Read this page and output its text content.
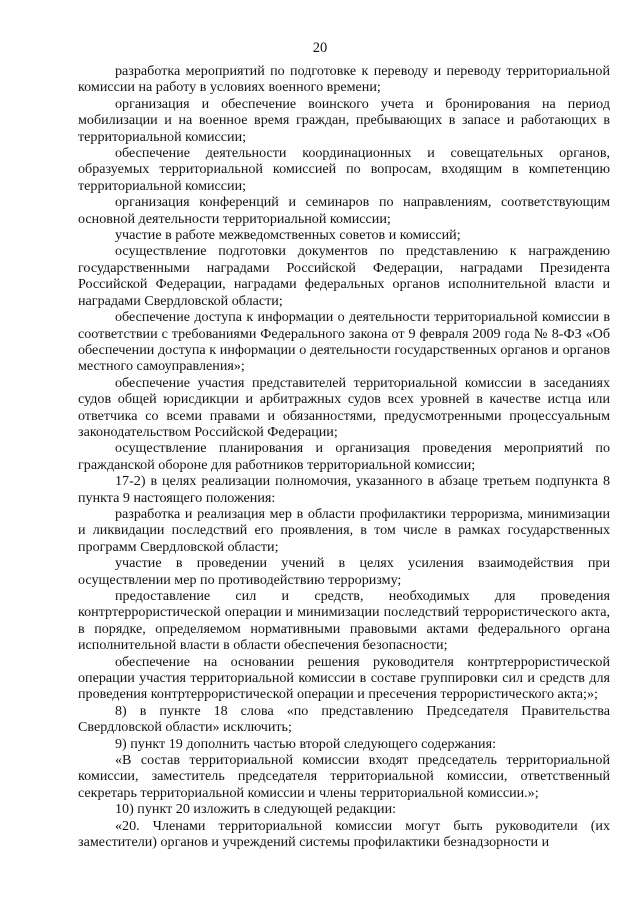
20

разработка мероприятий по подготовке к переводу и переводу территориальной комиссии на работу в условиях военного времени;

организация и обеспечение воинского учета и бронирования на период мобилизации и на военное время граждан, пребывающих в запасе и работающих в территориальной комиссии;

обеспечение деятельности координационных и совещательных органов, образуемых территориальной комиссией по вопросам, входящим в компетенцию территориальной комиссии;

организация конференций и семинаров по направлениям, соответствующим основной деятельности территориальной комиссии;

участие в работе межведомственных советов и комиссий;

осуществление подготовки документов по представлению к награждению государственными наградами Российской Федерации, наградами Президента Российской Федерации, наградами федеральных органов исполнительной власти и наградами Свердловской области;

обеспечение доступа к информации о деятельности территориальной комиссии в соответствии с требованиями Федерального закона от 9 февраля 2009 года № 8-ФЗ «Об обеспечении доступа к информации о деятельности государственных органов и органов местного самоуправления»;

обеспечение участия представителей территориальной комиссии в заседаниях судов общей юрисдикции и арбитражных судов всех уровней в качестве истца или ответчика со всеми правами и обязанностями, предусмотренными процессуальным законодательством Российской Федерации;

осуществление планирования и организация проведения мероприятий по гражданской обороне для работников территориальной комиссии;

17-2) в целях реализации полномочия, указанного в абзаце третьем подпункта 8 пункта 9 настоящего положения:

разработка и реализация мер в области профилактики терроризма, минимизации и ликвидации последствий его проявления, в том числе в рамках государственных программ Свердловской области;

участие в проведении учений в целях усиления взаимодействия при осуществлении мер по противодействию терроризму;

предоставление сил и средств, необходимых для проведения контртеррористической операции и минимизации последствий террористического акта, в порядке, определяемом нормативными правовыми актами федерального органа исполнительной власти в области обеспечения безопасности;

обеспечение на основании решения руководителя контртеррористической операции участия территориальной комиссии в составе группировки сил и средств для проведения контртеррористической операции и пресечения террористического акта;»;

8) в пункте 18 слова «по представлению Председателя Правительства Свердловской области» исключить;

9) пункт 19 дополнить частью второй следующего содержания:

«В состав территориальной комиссии входят председатель территориальной комиссии, заместитель председателя территориальной комиссии, ответственный секретарь территориальной комиссии и члены территориальной комиссии.»;

10) пункт 20 изложить в следующей редакции:

«20. Членами территориальной комиссии могут быть руководители (их заместители) органов и учреждений системы профилактики безнадзорности и
